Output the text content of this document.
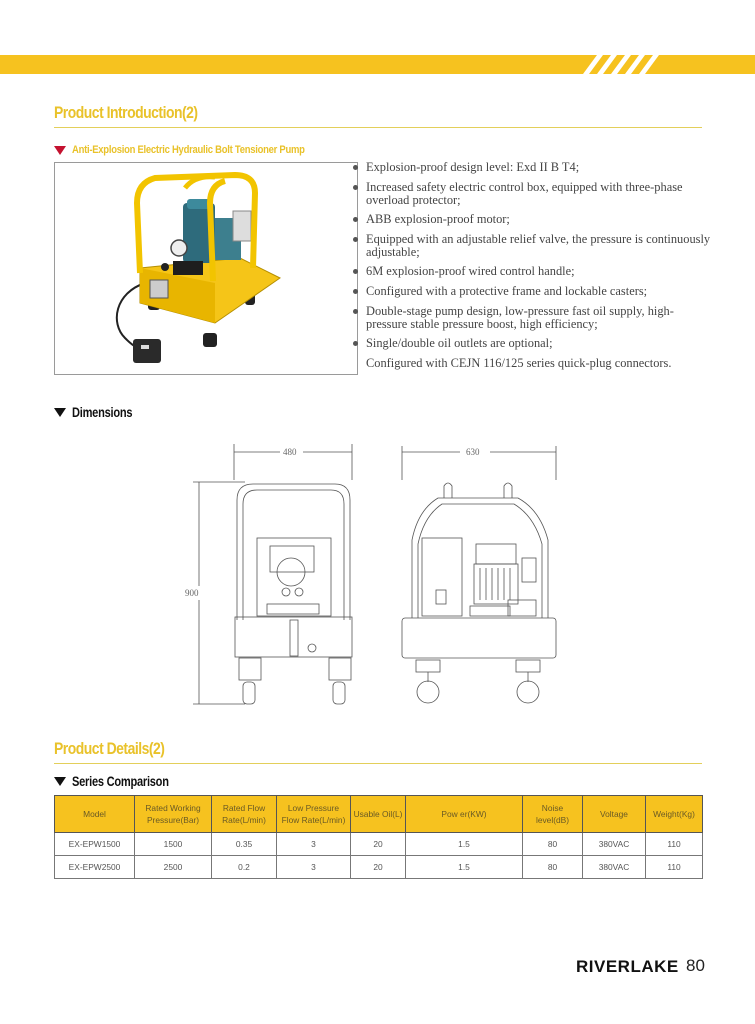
Product Introduction(2)
Anti-Explosion Electric Hydraulic Bolt Tensioner Pump
Explosion-proof design level: Exd II B T4;
Increased safety electric control box, equipped with three-phase overload protector;
ABB explosion-proof motor;
Equipped with an adjustable relief valve, the pressure is continuously adjustable;
6M explosion-proof wired control handle;
Configured with a protective frame and lockable casters;
Double-stage pump design, low-pressure fast oil supply, high-pressure stable pressure boost, high efficiency;
Single/double oil outlets are optional;
Configured with CEJN 116/125 series quick-plug connectors.
Dimensions
480
900
630
Product Details(2)
Series Comparison
Model	Rated Working Pressure(Bar)	Rated Flow Rate(L/min)	Low Pressure Flow Rate(L/min)	Usable Oil(L)	Pow er(KW)	Noise level(dB)	Voltage	Weight(Kg)
EX-EPW1500	1500	0.35	3	20	1.5	80	380VAC	110
EX-EPW2500	2500	0.2	3	20	1.5	80	380VAC	110
RIVERLAKE 80
